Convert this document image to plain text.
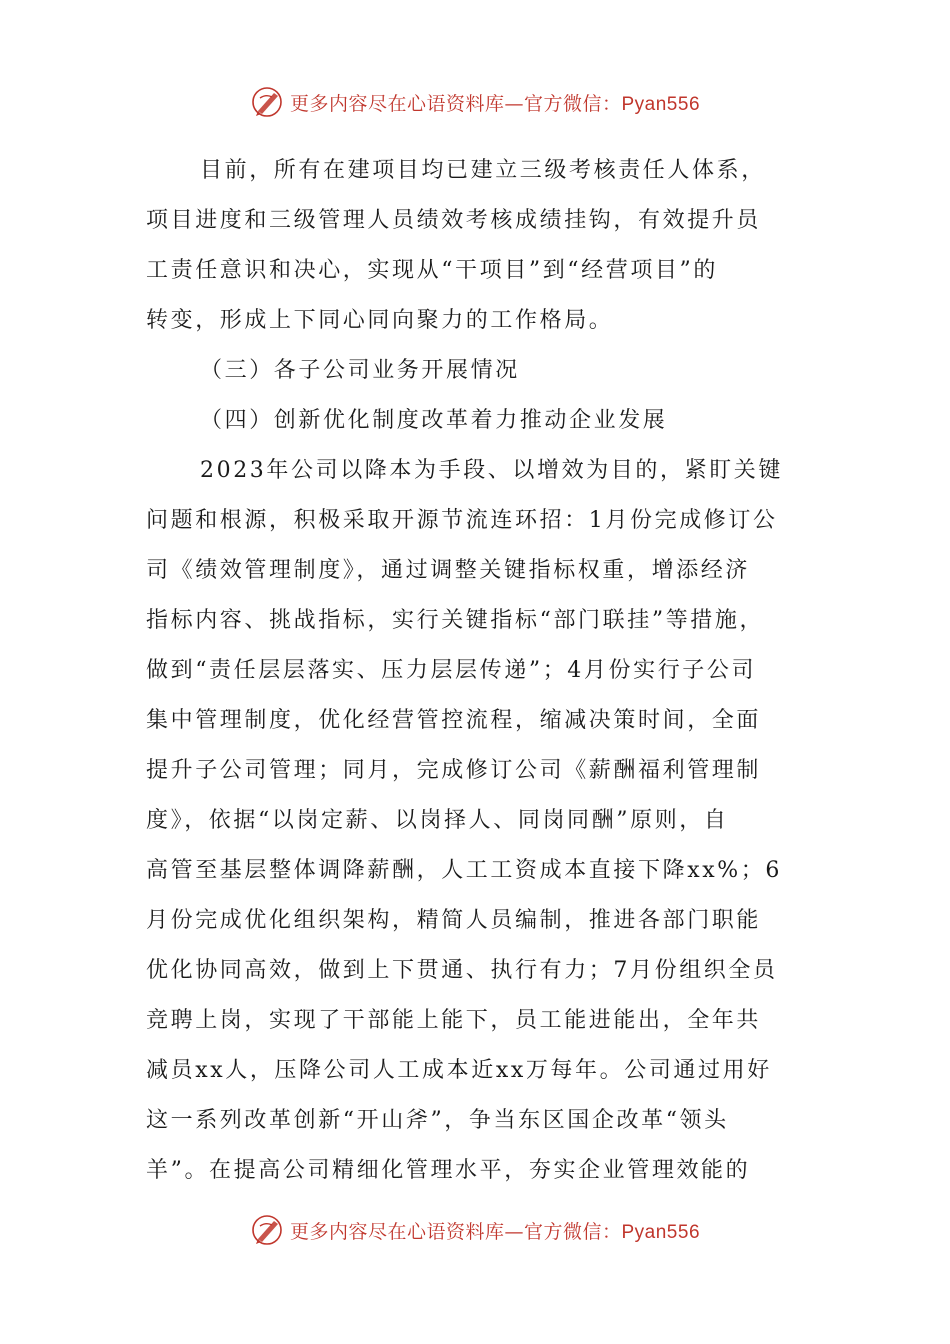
更多内容尽在心语资料库—官方微信：Pyan556
目前，所有在建项目均已建立三级考核责任人体系，
项目进度和三级管理人员绩效考核成绩挂钩，有效提升员
工责任意识和决心，实现从“干项目”到“经营项目”的
转变，形成上下同心同向聚力的工作格局。
（三）各子公司业务开展情况
（四）创新优化制度改革着力推动企业发展
2023年公司以降本为手段、以增效为目的，紧盯关键
问题和根源，积极采取开源节流连环招：1月份完成修订公
司《绩效管理制度》，通过调整关键指标权重，增添经济
指标内容、挑战指标，实行关键指标“部门联挂”等措施，
做到“责任层层落实、压力层层传递”；4月份实行子公司
集中管理制度，优化经营管控流程，缩减决策时间，全面
提升子公司管理；同月，完成修订公司《薪酬福利管理制
度》，依据“以岗定薪、以岗择人、同岗同酬”原则，自
高管至基层整体调降薪酬，人工工资成本直接下降xx%；6
月份完成优化组织架构，精简人员编制，推进各部门职能
优化协同高效，做到上下贯通、执行有力；7月份组织全员
竞聘上岗，实现了干部能上能下，员工能进能出，全年共
减员xx人，压降公司人工成本近xx万每年。公司通过用好
这一系列改革创新“开山斧”，争当东区国企改革“领头
羊”。在提高公司精细化管理水平，夯实企业管理效能的
更多内容尽在心语资料库—官方微信：Pyan556
